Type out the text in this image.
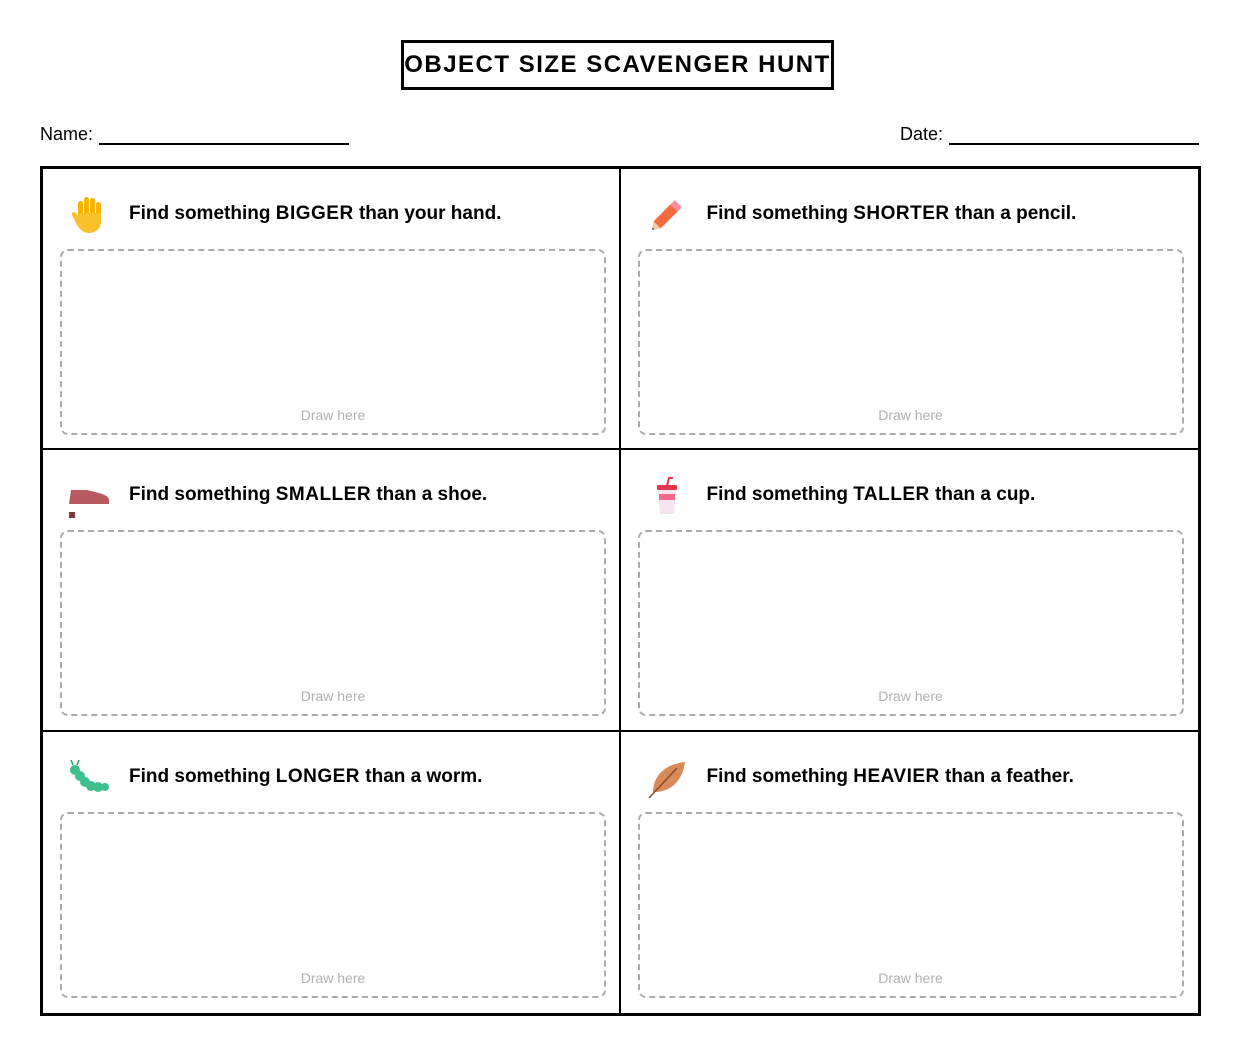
OBJECT SIZE SCAVENGER HUNT
Name:	Date:
Find something BIGGER than your hand.
Draw here
Find something SHORTER than a pencil.
Draw here
Find something SMALLER than a shoe.
Draw here
Find something TALLER than a cup.
Draw here
Find something LONGER than a worm.
Draw here
Find something HEAVIER than a feather.
Draw here
